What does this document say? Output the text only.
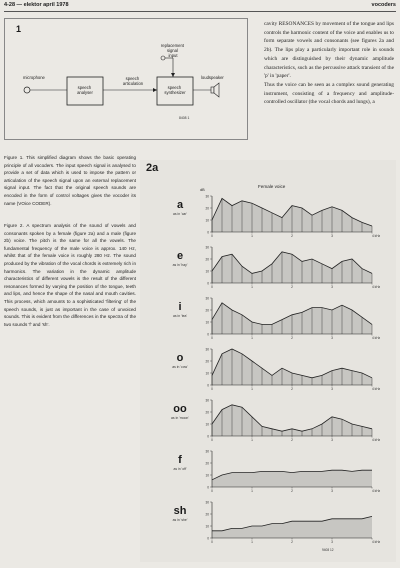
4-28 — elektor april 1978	vocoders
microphone
speech analyser
speech articulation
replacement signal input
speech synthesizer
loudspeaker
8408 1
1	cavity RESONANCES by movement of the tongue and lips controls the harmonic content of the voice and enables us to form separate vowels and consonants (see figures 2a and 2b). The lips play a particularly important role in sounds which are distinguished by their dynamic amplitude characteristics, such as the percussive attack transient of the 'p' in 'paper'.

Thus the voice can be seen as a complex sound generating instrument, consisting of a frequency and amplitude-controlled oscillator (the vocal chords and lungs), a

Figure 1. This simplified diagram shows the basic operating principle of all vocoders. The input speech signal is analysed to provide a set of data which is used to impose the pattern or articulation of the speech signal upon an external replacement signal input. The fact that the original speech sounds are encoded in the form of control voltages gives the vocoder its name (VOice CODER).

Figure 2. A spectrum analysis of the sound of vowels and consonants spoken by a female (figure 2a) and a male (figure 2b) voice. The pitch is the same for all the vowels. The fundamental frequency of the male voice is approx. 140 Hz, whilst that of the female voice is roughly 280 Hz. The sound produced by the vibration of the vocal chords is extremely rich in harmonics. The variation in the dynamic amplitude characteristics of different vowels is the result of the different resonances formed by varying the position of the tongue, teeth and lips, and hence the shape of the nasal and mouth cavities. This process, which amounts to a sophisticated 'filtering' of the speech sounds, is just as important in the case of unvoiced sounds. This is evident from the differences in the spectra of the two sounds 'f' and 'sh'.

2a
Female voice
dB
a
as in 'car'
0
10
20
30
0	1	2	3	4 kHz
e
as in 'hay'
0
10
20
30
0	1	2	3	4 kHz
i
as in 'tea'
0
10
20
30
0	1	2	3	4 kHz
o
as in 'cow'
0
10
20
30
0	1	2	3	4 kHz
oo
as in 'moon'
0
10
20
30
0	1	2	3	4 kHz
f
as in 'off'
0
10
20
30
0	1	2	3	4 kHz
sh
as in 'she'
0
10
20
30
0	1	2	3	4 kHz
9408 12
